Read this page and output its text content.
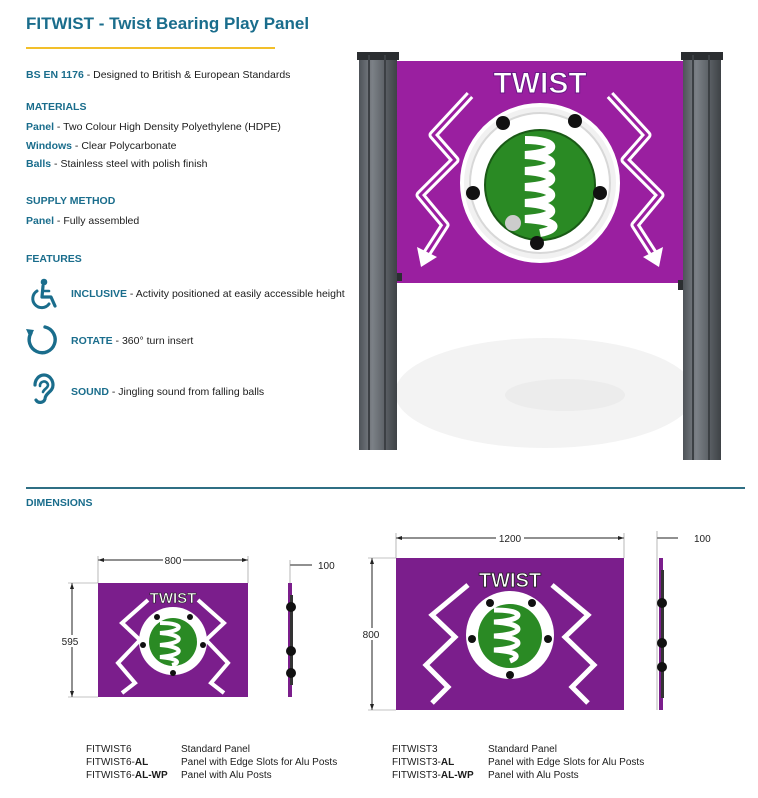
FITWIST - Twist Bearing Play Panel
BS EN 1176 - Designed to British & European Standards
MATERIALS
Panel - Two Colour High Density Polyethylene (HDPE)
Windows - Clear Polycarbonate
Balls - Stainless steel with polish finish
SUPPLY METHOD
Panel - Fully assembled
FEATURES
INCLUSIVE - Activity positioned at easily accessible height
ROTATE - 360° turn insert
SOUND - Jingling sound from falling balls
TWIST
DIMENSIONS
800
595
TWIST
100
1200
800
TWIST
100
FITWIST6
FITWIST6-AL
FITWIST6-AL-WP
Standard Panel
Panel with Edge Slots for Alu Posts
Panel with Alu Posts
FITWIST3
FITWIST3-AL
FITWIST3-AL-WP
Standard Panel
Panel with Edge Slots for Alu Posts
Panel with Alu Posts
